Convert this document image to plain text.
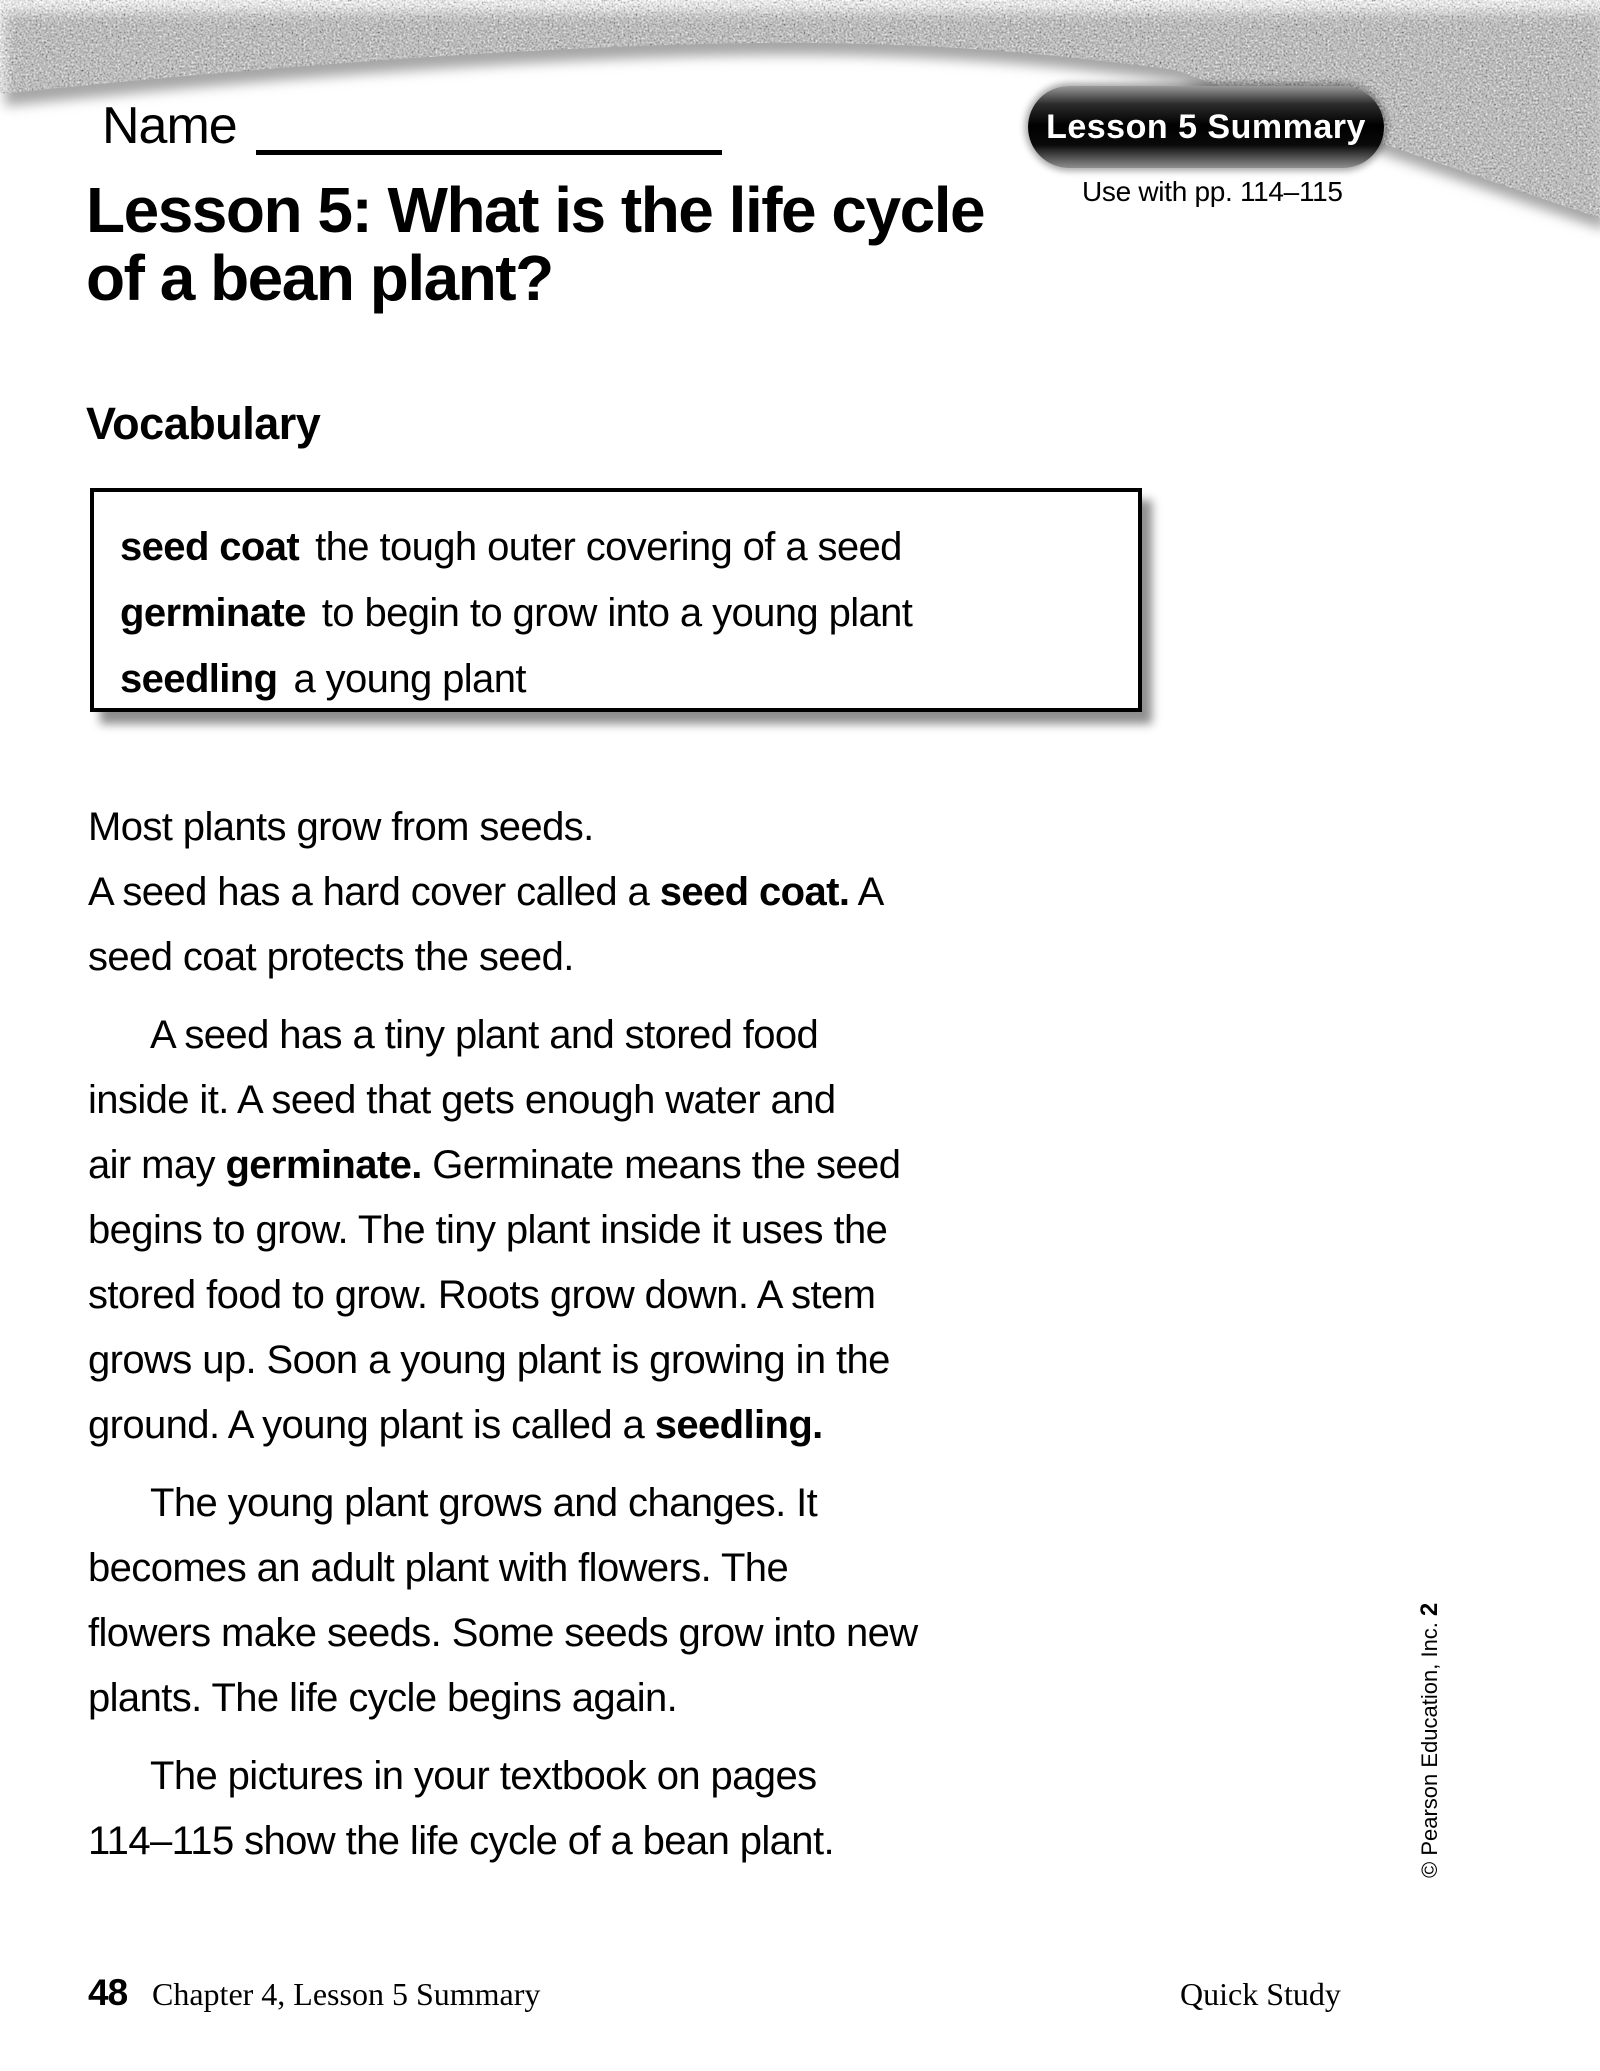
Lesson 5 Summary
Use with pp. 114–115
Name
Lesson 5: What is the life cycle
of a bean plant?
Vocabulary
seed coat the tough outer covering of a seed
germinate to begin to grow into a young plant
seedling a young plant

Most plants grow from seeds.
A seed has a hard cover called a seed coat. A
seed coat protects the seed.

A seed has a tiny plant and stored food
inside it. A seed that gets enough water and
air may germinate. Germinate means the seed
begins to grow. The tiny plant inside it uses the
stored food to grow. Roots grow down. A stem
grows up. Soon a young plant is growing in the
ground. A young plant is called a seedling.

The young plant grows and changes. It
becomes an adult plant with flowers. The
flowers make seeds. Some seeds grow into new
plants. The life cycle begins again.

The pictures in your textbook on pages
114–115 show the life cycle of a bean plant.	© Pearson Education, Inc.2
48 Chapter 4, Lesson 5 Summary	Quick Study
